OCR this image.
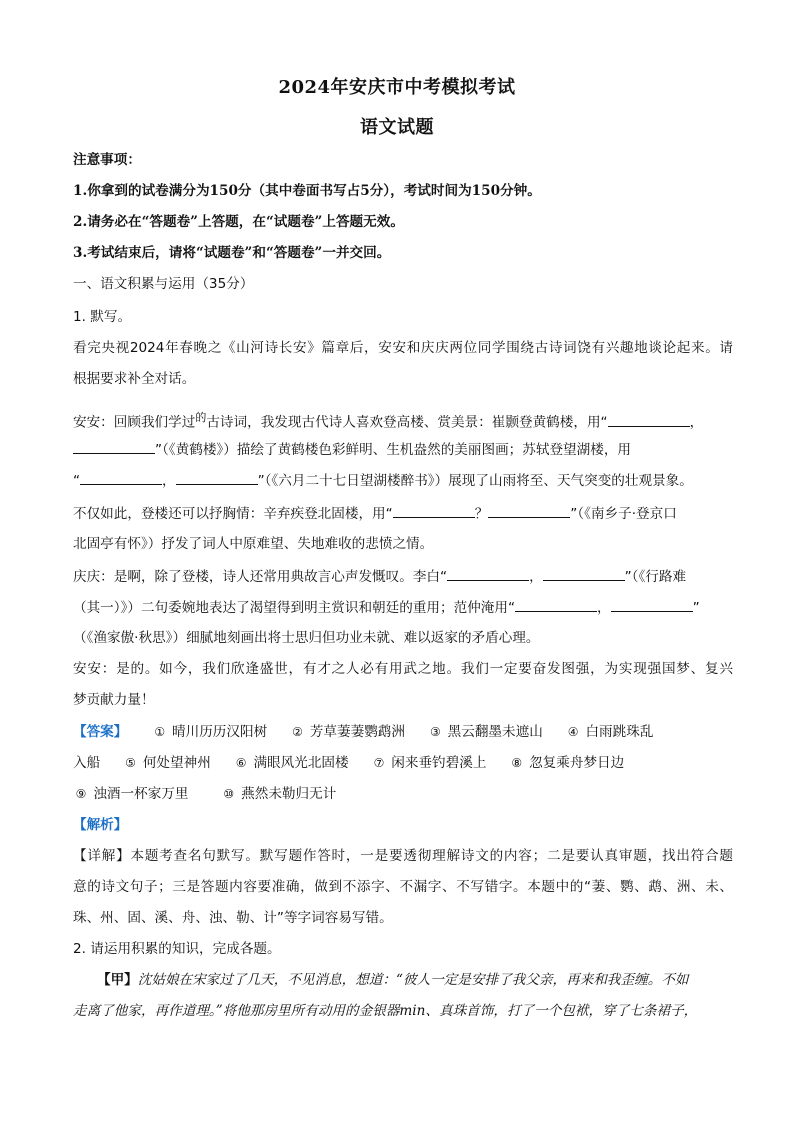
2024年安庆市中考模拟考试
语文试题
注意事项：
1.你拿到的试卷满分为150分（其中卷面书写占5分），考试时间为150分钟。
2.请务必在“答题卷”上答题，在“试题卷”上答题无效。
3.考试结束后，请将“试题卷”和“答题卷”一并交回。
一、语文积累与运用（35分）
1. 默写。
看完央视2024年春晚之《山河诗长安》篇章后，安安和庆庆两位同学围绕古诗词饶有兴趣地谈论起来。请
根据要求补全对话。
安安：回顾我们学过$^的$古诗词，我发现古代诗人喜欢登高楼、赏美景：崔颢登黄鹤楼，用“	，
”（《黄鹤楼》）描绘了黄鹤楼色彩鲜明、生机盎然的美丽图画；苏轼登望湖楼，用
“	，	”（《六月二十七日望湖楼醉书》）展现了山雨将至、天气突变的壮观景象。
不仅如此，登楼还可以抒胸情：辛弃疾登北固楼，用“	？	”（《南乡子·登京口
北固亭有怀》）抒发了词人中原难望、失地难收的悲愤之情。
庆庆：是啊，除了登楼，诗人还常用典故言心声发慨叹。李白“	，	”（《行路难
（其一）》）二句委婉地表达了渴望得到明主赏识和朝廷的重用；范仲淹用“	，	”
（《渔家傲·秋思》）细腻地刻画出将士思归但功业未就、难以返家的矛盾心理。
安安：是的。如今，我们欣逢盛世，有才之人必有用武之地。我们一定要奋发图强，为实现强国梦、复兴
梦贡献力量！
【答案】 ① 晴川历历汉阳树 ② 芳草萋萋鹦鹉洲 ③ 黑云翻墨未遮山 ④ 白雨跳珠乱
入船 ⑤ 何处望神州 ⑥ 满眼风光北固楼 ⑦ 闲来垂钓碧溪上 ⑧ 忽复乘舟梦日边
⑨ 浊酒一杯家万里	⑩ 燕然未勒归无计
【解析】
【详解】本题考查名句默写。默写题作答时，一是要透彻理解诗文的内容；二是要认真审题，找出符合题
意的诗文句子；三是答题内容要准确，做到不添字、不漏字、不写错字。本题中的“萋、鹦、鹉、洲、未、
珠、州、固、溪、舟、浊、勒、计”等字词容易写错。
2. 请运用积累的知识，完成各题。
【甲】沈姑娘在宋家过了几天，不见消息，想道：“彼人一定是安排了我父亲，再来和我歪缠。不如
走离了他家，再作道理。”将他那房里所有动用的金银器min、真珠首饰，打了一个包袱，穿了七条裙子，
